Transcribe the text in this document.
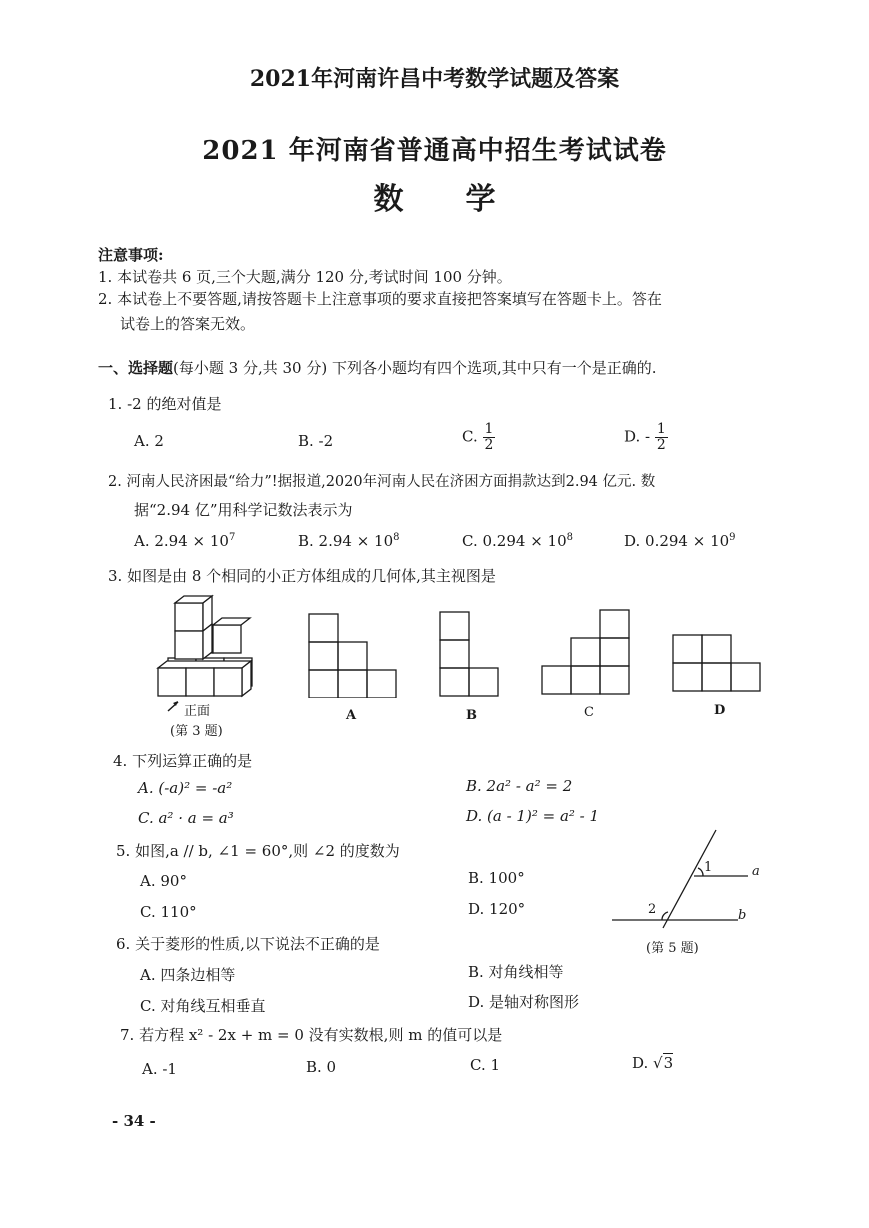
2021年河南许昌中考数学试题及答案
2021 年河南省普通高中招生考试试卷
数学
注意事项:
1. 本试卷共 6 页,三个大题,满分 120 分,考试时间 100 分钟。
2. 本试卷上不要答题,请按答题卡上注意事项的要求直接把答案填写在答题卡上。答在
试卷上的答案无效。
一、选择题(每小题 3 分,共 30 分) 下列各小题均有四个选项,其中只有一个是正确的.
1. -2 的绝对值是
A. 2	B. -2	C. $\frac{1}{2}$	D. - $\frac{1}{2}$
2. 河南人民济困最“给力”!据报道,2020年河南人民在济困方面捐款达到2.94 亿元. 数
据“2.94 亿”用科学记数法表示为
A. $2.94 \times 10^7$	B. $2.94 \times 10^8$	C. $0.294 \times 10^8$	D. $0.294 \times 10^9$
3. 如图是由 8 个相同的小正方体组成的几何体,其主视图是
正面
(第 3 题)
A	B	C	D
4. 下列运算正确的是
A. (-a)² = -a²	B. 2a² - a² = 2
C. a² · a = a³	D. (a - 1)² = a² - 1
5. 如图,a // b, ∠1 = 60°,则 ∠2 的度数为
A. 90°	B. 100°
C. 110°	D. 120°
1
2
a
b
(第 5 题)
6. 关于菱形的性质,以下说法不正确的是
A. 四条边相等	B. 对角线相等
C. 对角线互相垂直	D. 是轴对称图形
7. 若方程 x² - 2x + m = 0 没有实数根,则 m 的值可以是
A. -1	B. 0	C. 1	D. √3
- 34 -
